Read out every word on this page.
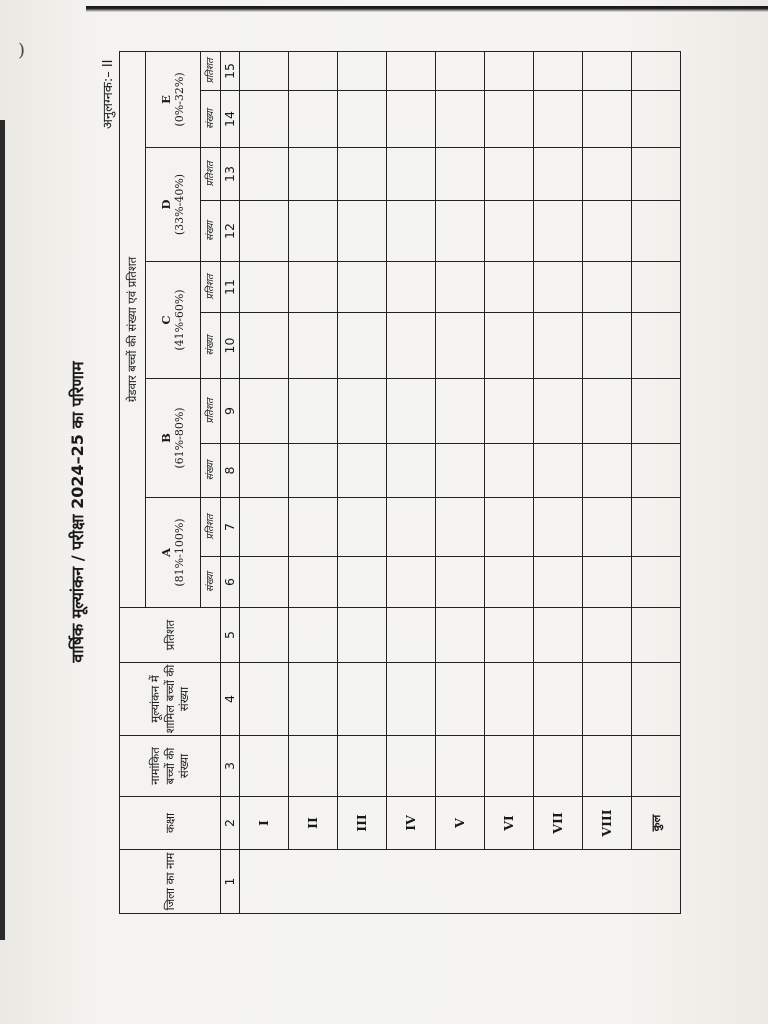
)
वार्षिक मूल्यांकन / परीक्षा 2024–25 का परिणाम
अनुलग्नक:– II
जिला का नाम	कक्षा	नामांकित बच्चों की संख्या	मूल्यांकन में शामिल बच्चों की संख्या	प्रतिशत	ग्रेडवार बच्चों की संख्या एवं प्रतिशत									
					A (81%-100%)		B (61%-80%)		C (41%-60%)		D (33%-40%)		E (0%-32%)	

					संख्या	प्रतिशत	संख्या	प्रतिशत	संख्या	प्रतिशत	संख्या	प्रतिशत	संख्या	प्रतिशत
1	2	3	4	5	6	7	8	9	10	11	12	13	14	15
	I													
	II													
	III													
	IV													
	V													
	VI													
	VII													
	VIII													
	कुल													
